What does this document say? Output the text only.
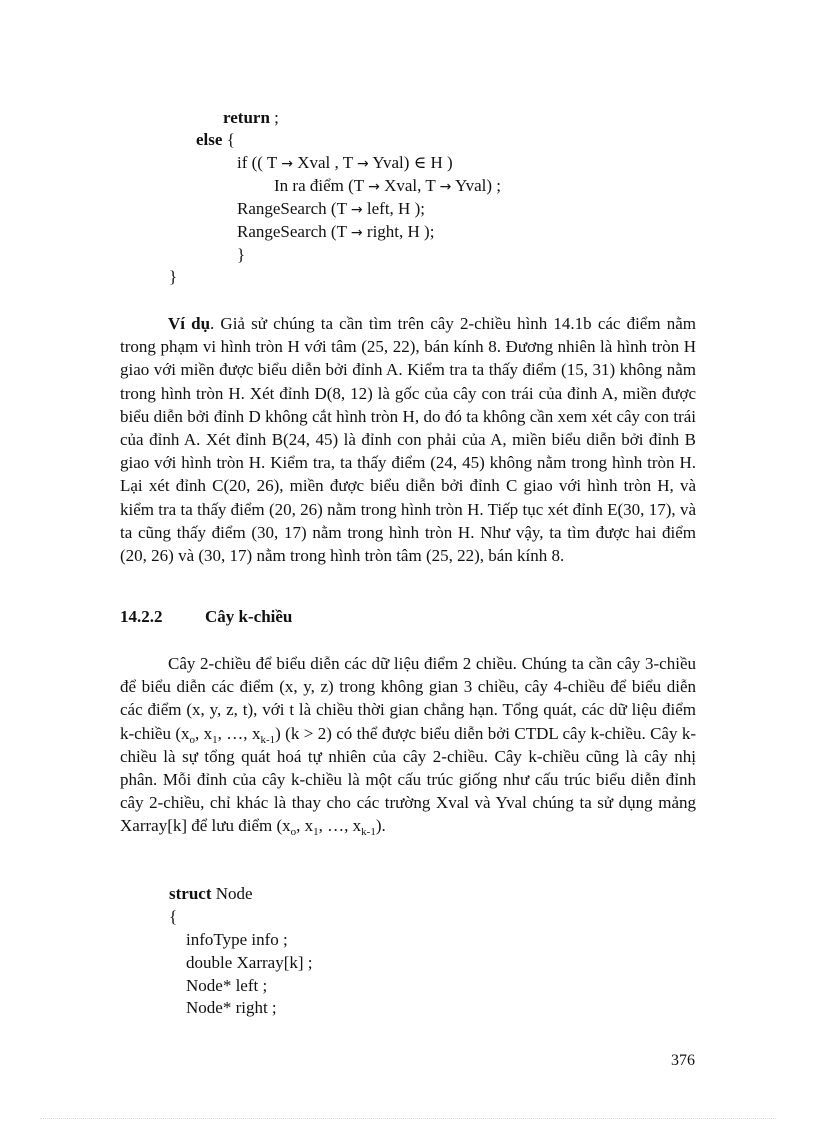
return ;
else {
if (( T → Xval , T → Yval) ∈ H )
In ra điểm (T → Xval, T → Yval) ;
RangeSearch (T → left, H );
RangeSearch (T → right, H );
}
}
Ví dụ. Giả sử chúng ta cần tìm trên cây 2-chiều hình 14.1b các điểm nằm trong phạm vi hình tròn H với tâm (25, 22), bán kính 8. Đương nhiên là hình tròn H giao với miền được biểu diễn bởi đỉnh A. Kiểm tra ta thấy điểm (15, 31) không nằm trong hình tròn H. Xét đỉnh D(8, 12) là gốc của cây con trái của đỉnh A, miền được biểu diễn bởi đỉnh D không cắt hình tròn H, do đó ta không cần xem xét cây con trái của đỉnh A. Xét đỉnh B(24, 45) là đỉnh con phải của A, miền biểu diễn bởi đỉnh B giao với hình tròn H. Kiểm tra, ta thấy điểm (24, 45) không nằm trong hình tròn H. Lại xét đỉnh C(20, 26), miền được biểu diễn bởi đỉnh C giao với hình tròn H, và kiểm tra ta thấy điểm (20, 26) nằm trong hình tròn H. Tiếp tục xét đỉnh E(30, 17), và ta cũng thấy điểm (30, 17) nằm trong hình tròn H. Như vậy, ta tìm được hai điểm (20, 26) và (30, 17) nằm trong hình tròn tâm (25, 22), bán kính 8.
14.2.2	Cây k-chiều
Cây 2-chiều để biểu diễn các dữ liệu điểm 2 chiều. Chúng ta cần cây 3-chiều để biểu diễn các điểm (x, y, z) trong không gian 3 chiều, cây 4-chiều để biểu diễn các điểm (x, y, z, t), với t là chiều thời gian chẳng hạn. Tổng quát, các dữ liệu điểm k-chiều ($x_o$, $x_1$, …, $x_{k-1}$) (k > 2) có thể được biểu diễn bởi CTDL cây k-chiều. Cây k-chiều là sự tổng quát hoá tự nhiên của cây 2-chiều. Cây k-chiều cũng là cây nhị phân. Mỗi đỉnh của cây k-chiều là một cấu trúc giống như cấu trúc biểu diễn đỉnh cây 2-chiều, chỉ khác là thay cho các trường Xval và Yval chúng ta sử dụng mảng Xarray[k] để lưu điểm ($x_o$, $x_1$, …, $x_{k-1}$).
struct Node
{
infoType info ;
double Xarray[k] ;
Node* left ;
Node* right ;
376
